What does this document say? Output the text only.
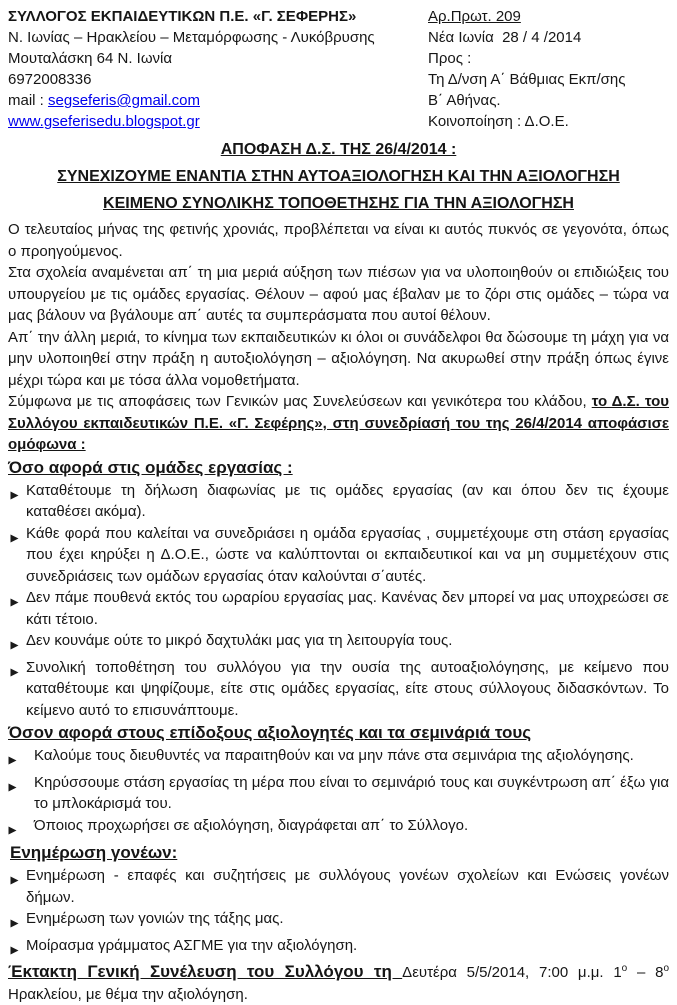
ΣΥΛΛΟΓΟΣ ΕΚΠΑΙΔΕΥΤΙΚΩΝ Π.Ε. «Γ. ΣΕΦΕΡΗΣ»
Ν. Ιωνίας – Ηρακλείου – Μεταμόρφωσης - Λυκόβρυσης
Μουταλάσκη 64 Ν. Ιωνία
6972008336
mail : segseferis@gmail.com
www.gseferisedu.blogspot.gr
Αρ.Πρωτ. 209
Νέα Ιωνία  28 / 4 /2014
Προς :
Τη Δ/νση Α΄ Βάθμιας Εκπ/σης
Β΄ Αθήνας.
Κοινοποίηση : Δ.Ο.Ε.
ΑΠΟΦΑΣΗ Δ.Σ. ΤΗΣ 26/4/2014 :
ΣΥΝΕΧΙΖΟΥΜΕ ΕΝΑΝΤΙΑ ΣΤΗΝ ΑΥΤΟΑΞΙΟΛΟΓΗΣΗ ΚΑΙ ΤΗΝ ΑΞΙΟΛΟΓΗΣΗ
ΚΕΙΜΕΝΟ ΣΥΝΟΛΙΚΗΣ ΤΟΠΟΘΕΤΗΣΗΣ ΓΙΑ ΤΗΝ ΑΞΙΟΛΟΓΗΣΗ
Ο τελευταίος μήνας της φετινής χρονιάς, προβλέπεται να είναι κι αυτός πυκνός σε γεγονότα, όπως ο προηγούμενος.
Στα σχολεία αναμένεται απ΄ τη μια μεριά αύξηση των πιέσων για να υλοποιηθούν οι επιδιώξεις του υπουργείου με τις ομάδες εργασίας. Θέλουν – αφού μας έβαλαν με το ζόρι στις ομάδες – τώρα να μας βάλουν να βγάλουμε απ΄ αυτές τα συμπεράσματα που αυτοί θέλουν.
Απ΄ την άλλη μεριά, το κίνημα των εκπαιδευτικών κι όλοι οι συνάδελφοι θα δώσουμε τη μάχη για να μην υλοποιηθεί στην πράξη η αυτοξιολόγηση – αξιολόγηση. Να ακυρωθεί στην πράξη όπως έγινε μέχρι τώρα και με τόσα άλλα νομοθετήματα.
Σύμφωνα με τις αποφάσεις των Γενικών μας Συνελεύσεων και γενικότερα του κλάδου, το Δ.Σ. του Συλλόγου εκπαιδευτικών Π.Ε. «Γ. Σεφέρης», στη συνεδρίασή του της 26/4/2014 αποφάσισε ομόφωνα :
Όσο αφορά στις ομάδες εργασίας :
Καταθέτουμε τη δήλωση διαφωνίας με τις ομάδες εργασίας (αν και όπου δεν τις έχουμε καταθέσει ακόμα).
Κάθε φορά που καλείται να συνεδριάσει η ομάδα εργασίας , συμμετέχουμε στη στάση εργασίας που έχει κηρύξει η Δ.Ο.Ε., ώστε να καλύπτονται οι εκπαιδευτικοί και να μη συμμετέχουν στις συνεδριάσεις των ομάδων εργασίας όταν καλούνται σ΄αυτές.
Δεν πάμε πουθενά εκτός του ωραρίου εργασίας μας. Κανένας δεν μπορεί να μας υποχρεώσει σε κάτι τέτοιο.
Δεν κουνάμε ούτε το μικρό δαχτυλάκι μας για τη λειτουργία τους.
Συνολική τοποθέτηση του συλλόγου για την ουσία της αυτοαξιολόγησης, με κείμενο που καταθέτουμε και ψηφίζουμε, είτε στις ομάδες εργασίας, είτε στους σύλλογους διδασκόντων. Το κείμενο αυτό το επισυνάπτουμε.
Όσον αφορά στους επίδοξους αξιολογητές και τα σεμινάριά τους
Καλούμε τους διευθυντές να παραιτηθούν και να μην πάνε στα σεμινάρια της αξιολόγησης.
Κηρύσσουμε στάση εργασίας τη μέρα που είναι το σεμινάριό τους και συγκέντρωση απ΄ έξω για το μπλοκάρισμά του.
Όποιος προχωρήσει σε αξιολόγηση, διαγράφεται απ΄ το Σύλλογο.
Ενημέρωση γονέων:
Ενημέρωση - επαφές και συζητήσεις με συλλόγους γονέων σχολείων και Ενώσεις γονέων δήμων.
Ενημέρωση των γονιών της τάξης μας.
Μοίρασμα γράμματος ΑΣΓΜΕ για την αξιολόγηση.
Έκτακτη Γενική Συνέλευση του Συλλόγου τη Δευτέρα 5/5/2014, 7:00 μ.μ. $1^o - 8^o$ Ηρακλείου, με θέμα την αξιολόγηση.
